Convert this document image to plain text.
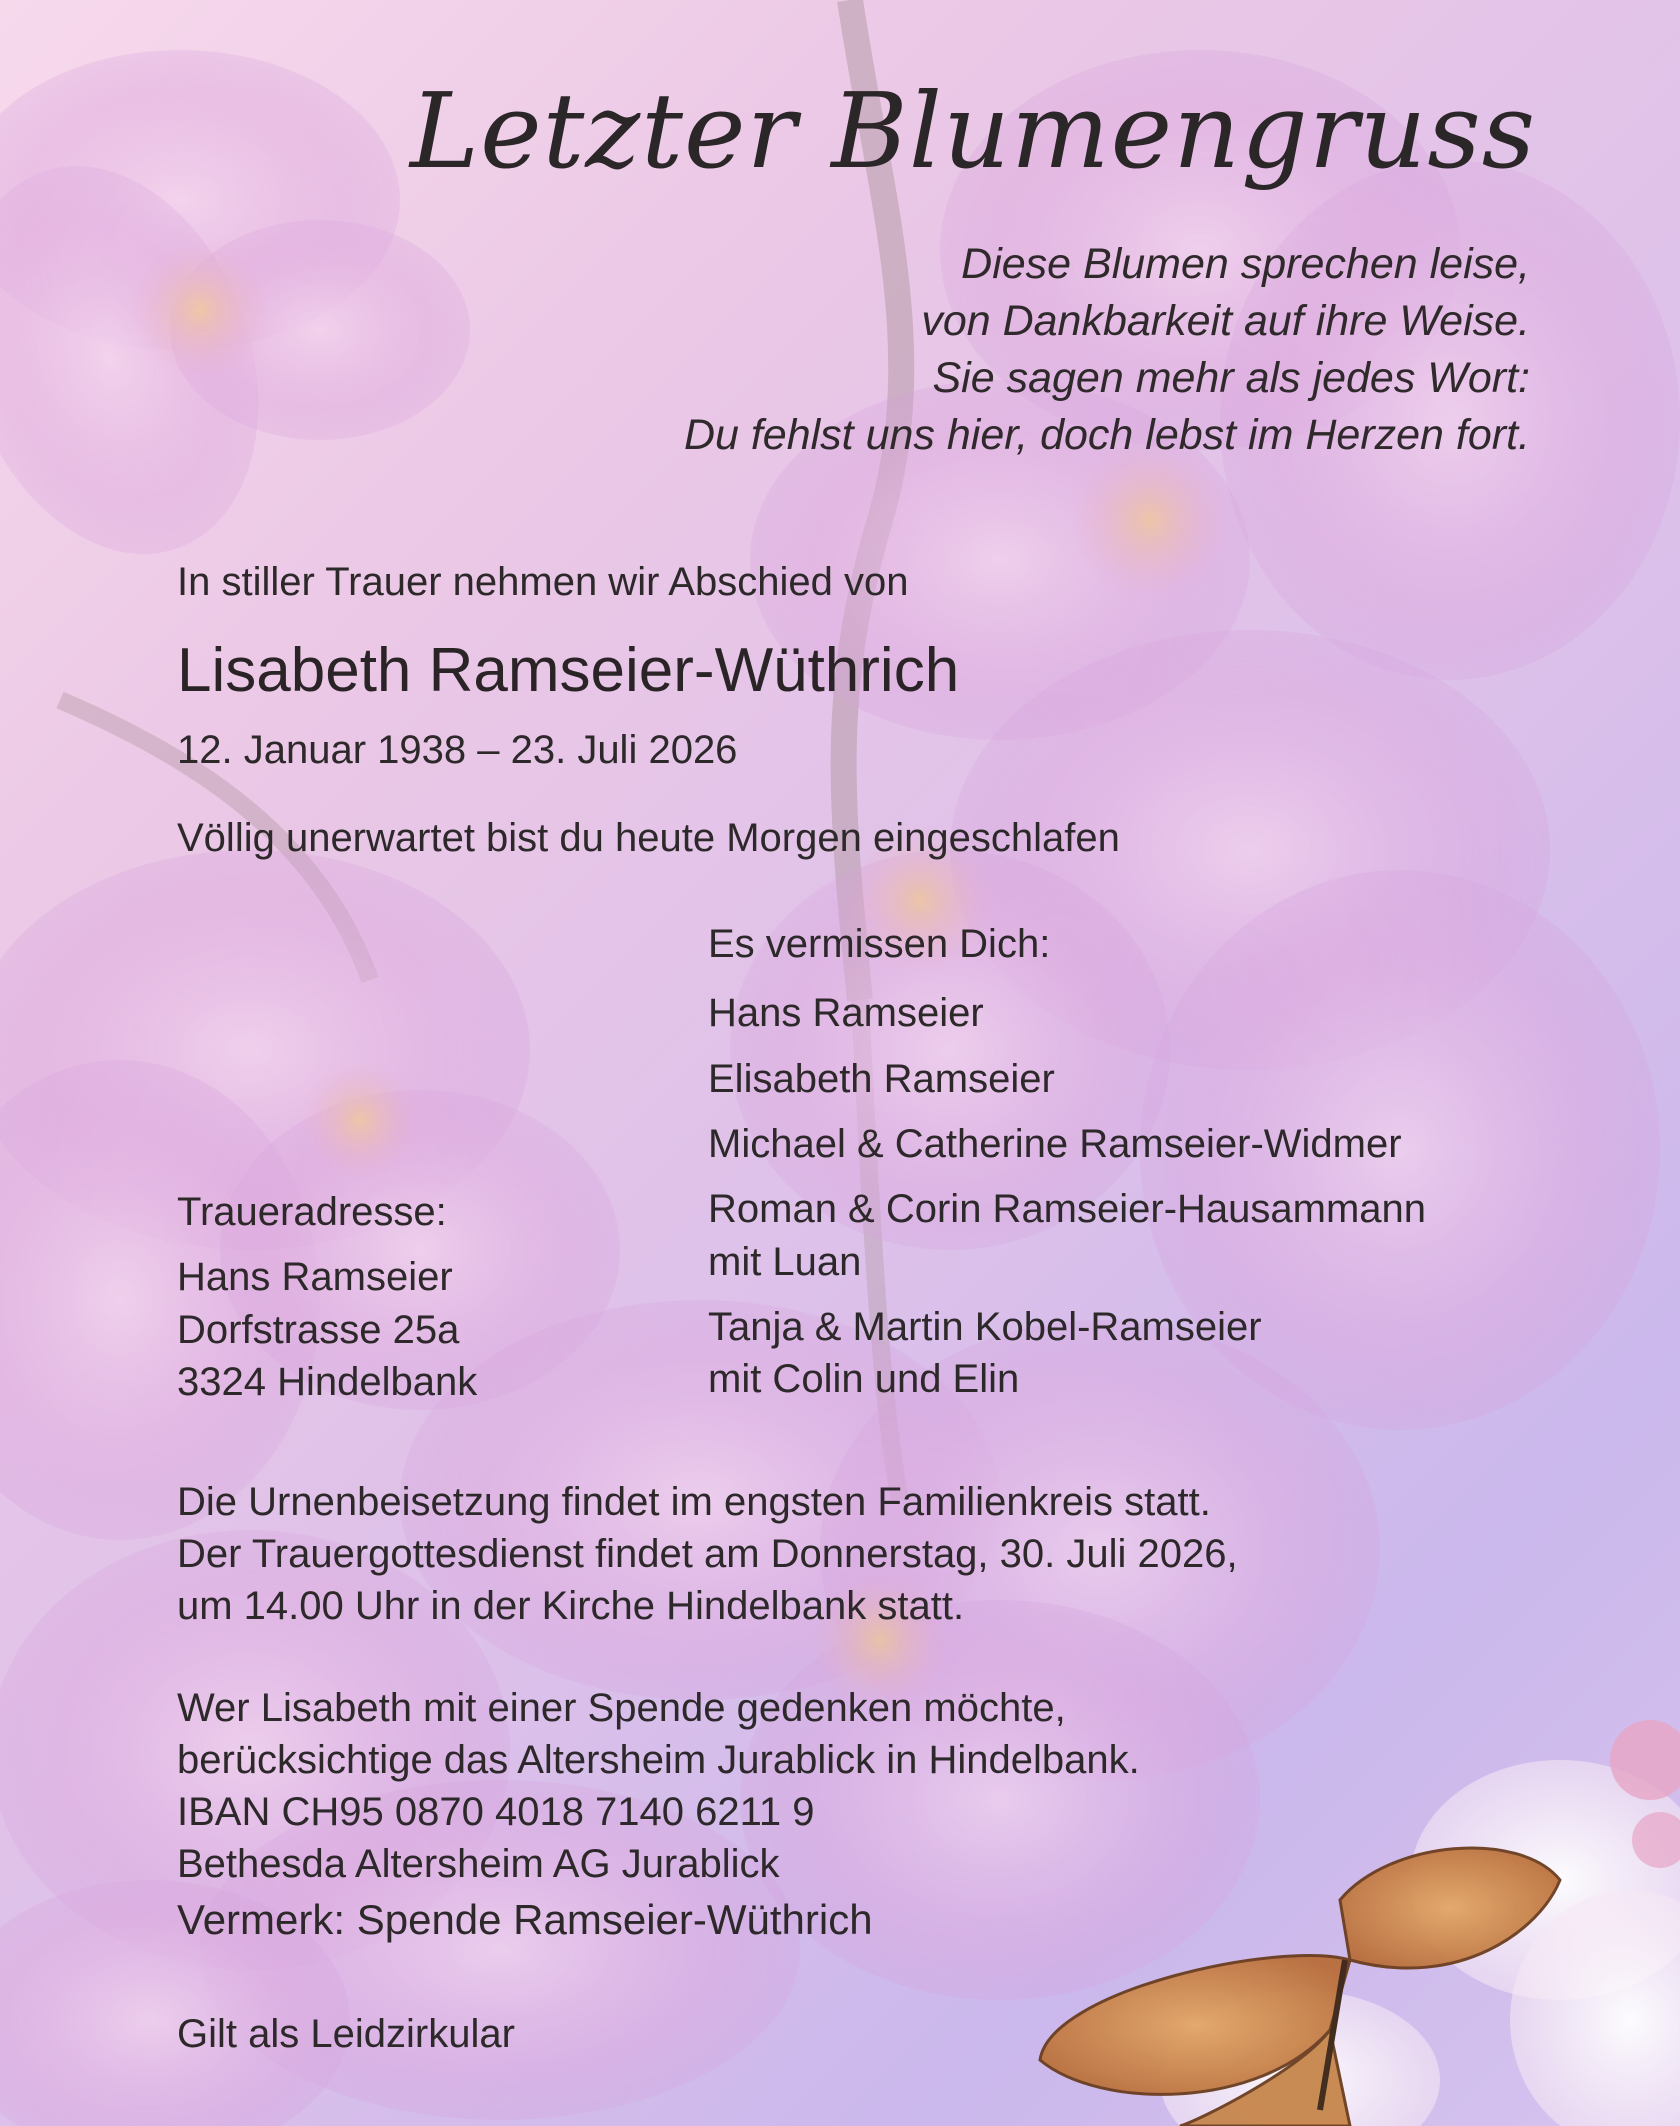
Letzter Blumengruss
Diese Blumen sprechen leise,
von Dankbarkeit auf ihre Weise.
Sie sagen mehr als jedes Wort:
Du fehlst uns hier, doch lebst im Herzen fort.
In stiller Trauer nehmen wir Abschied von
Lisabeth Ramseier-Wüthrich
12. Januar 1938 – 23. Juli 2026
Völlig unerwartet bist du heute Morgen eingeschlafen
Es vermissen Dich:
Hans Ramseier
Elisabeth Ramseier
Michael & Catherine Ramseier-Widmer
Roman & Corin Ramseier-Hausammann
mit Luan
Tanja & Martin Kobel-Ramseier
mit Colin und Elin
Traueradresse:
Hans Ramseier
Dorfstrasse 25a
3324 Hindelbank
Die Urnenbeisetzung findet im engsten Familienkreis statt.
Der Trauergottesdienst findet am Donnerstag, 30. Juli 2026,
um 14.00 Uhr in der Kirche Hindelbank statt.
Wer Lisabeth mit einer Spende gedenken möchte,
berücksichtige das Altersheim Jurablick in Hindelbank.
IBAN CH95 0870 4018 7140 6211 9
Bethesda Altersheim AG Jurablick
Vermerk: Spende Ramseier-Wüthrich
Gilt als Leidzirkular
